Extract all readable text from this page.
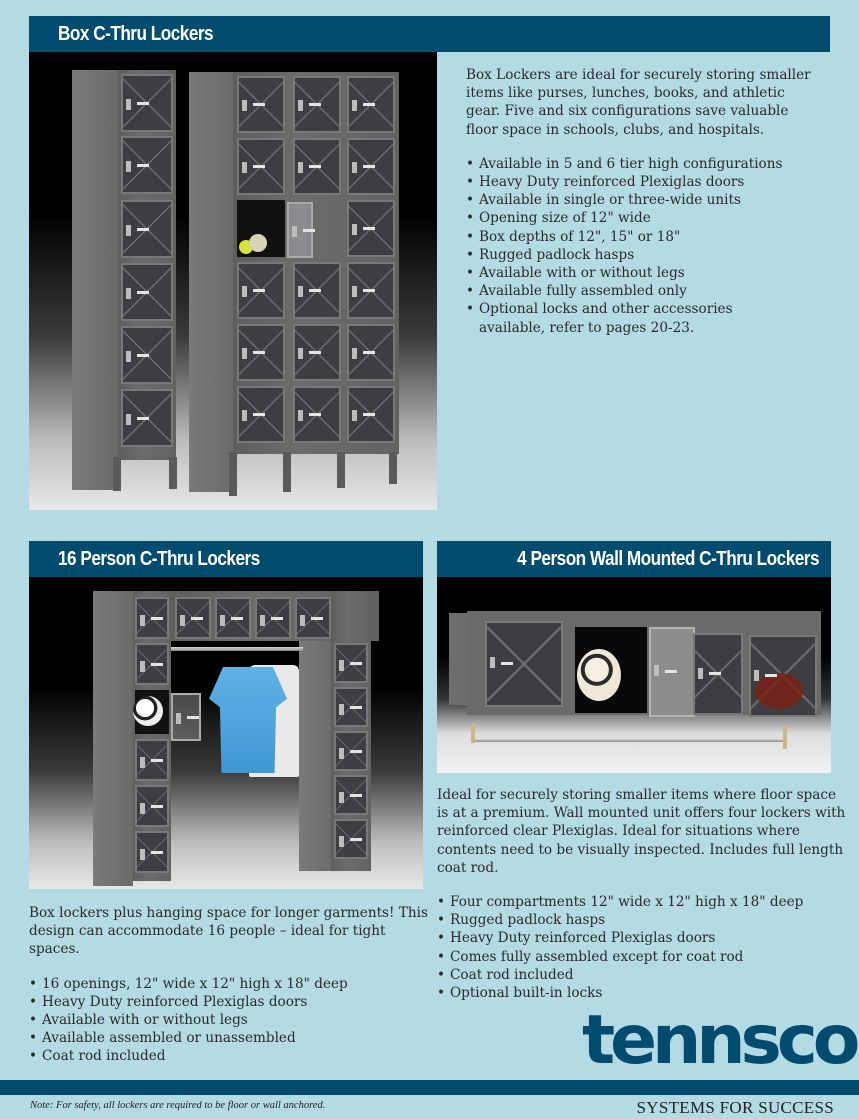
Box C-Thru Lockers

Box Lockers are ideal for securely storing smaller items like purses, lunches, books, and athletic gear. Five and six configurations save valuable floor space in schools, clubs, and hospitals.

• Available in 5 and 6 tier high configurations
• Heavy Duty reinforced Plexiglas doors
• Available in single or three-wide units
• Opening size of 12" wide
• Box depths of 12", 15" or 18"
• Rugged padlock hasps
• Available with or without legs
• Available fully assembled only
• Optional locks and other accessories available, refer to pages 20-23.
16 Person C-Thru Lockers

Box lockers plus hanging space for longer garments! This design can accommodate 16 people – ideal for tight spaces.

• 16 openings, 12" wide x 12" high x 18" deep
• Heavy Duty reinforced Plexiglas doors
• Available with or without legs
• Available assembled or unassembled
• Coat rod included
4 Person Wall Mounted C-Thru Lockers

Ideal for securely storing smaller items where floor space is at a premium. Wall mounted unit offers four lockers with reinforced clear Plexiglas. Ideal for situations where contents need to be visually inspected. Includes full length coat rod.

• Four compartments 12" wide x 12" high x 18" deep
• Rugged padlock hasps
• Heavy Duty reinforced Plexiglas doors
• Comes fully assembled except for coat rod
• Coat rod included
• Optional built-in locks
tennsco
Note: For safety, all lockers are required to be floor or wall anchored.	SYSTEMS FOR SUCCESS
